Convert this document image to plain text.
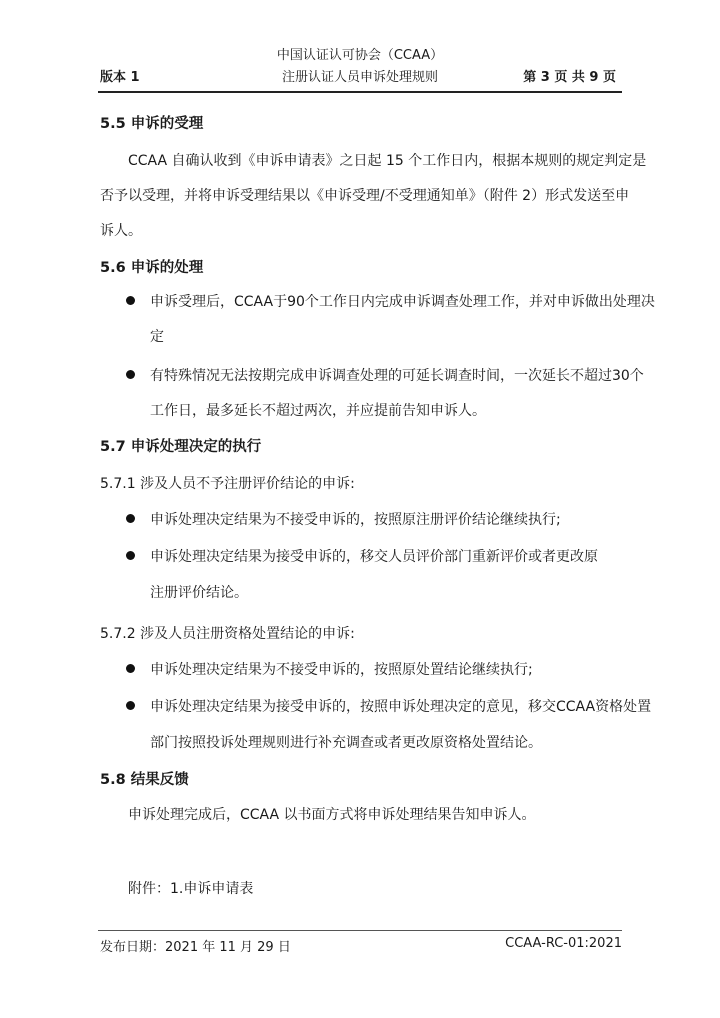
中国认证认可协会（CCAA）
注册认证人员申诉处理规则
版本 1	第 3 页 共 9 页
5.5 申诉的受理
CCAA 自确认收到《申诉申请表》之日起 15 个工作日内，根据本规则的规定判定是
否予以受理，并将申诉受理结果以《申诉受理/不受理通知单》（附件 2）形式发送至申
诉人。
5.6 申诉的处理
申诉受理后，CCAA于90个工作日内完成申诉调查处理工作，并对申诉做出处理决
定
有特殊情况无法按期完成申诉调查处理的可延长调查时间，一次延长不超过30个
工作日，最多延长不超过两次，并应提前告知申诉人。
5.7 申诉处理决定的执行
5.7.1 涉及人员不予注册评价结论的申诉:
申诉处理决定结果为不接受申诉的，按照原注册评价结论继续执行;
申诉处理决定结果为接受申诉的，移交人员评价部门重新评价或者更改原
注册评价结论。
5.7.2 涉及人员注册资格处置结论的申诉:
申诉处理决定结果为不接受申诉的，按照原处置结论继续执行;
申诉处理决定结果为接受申诉的，按照申诉处理决定的意见，移交CCAA资格处置
部门按照投诉处理规则进行补充调查或者更改原资格处置结论。
5.8 结果反馈
申诉处理完成后，CCAA 以书面方式将申诉处理结果告知申诉人。
附件：1.申诉申请表
发布日期：2021 年 11 月 29 日	CCAA-RC-01:2021
